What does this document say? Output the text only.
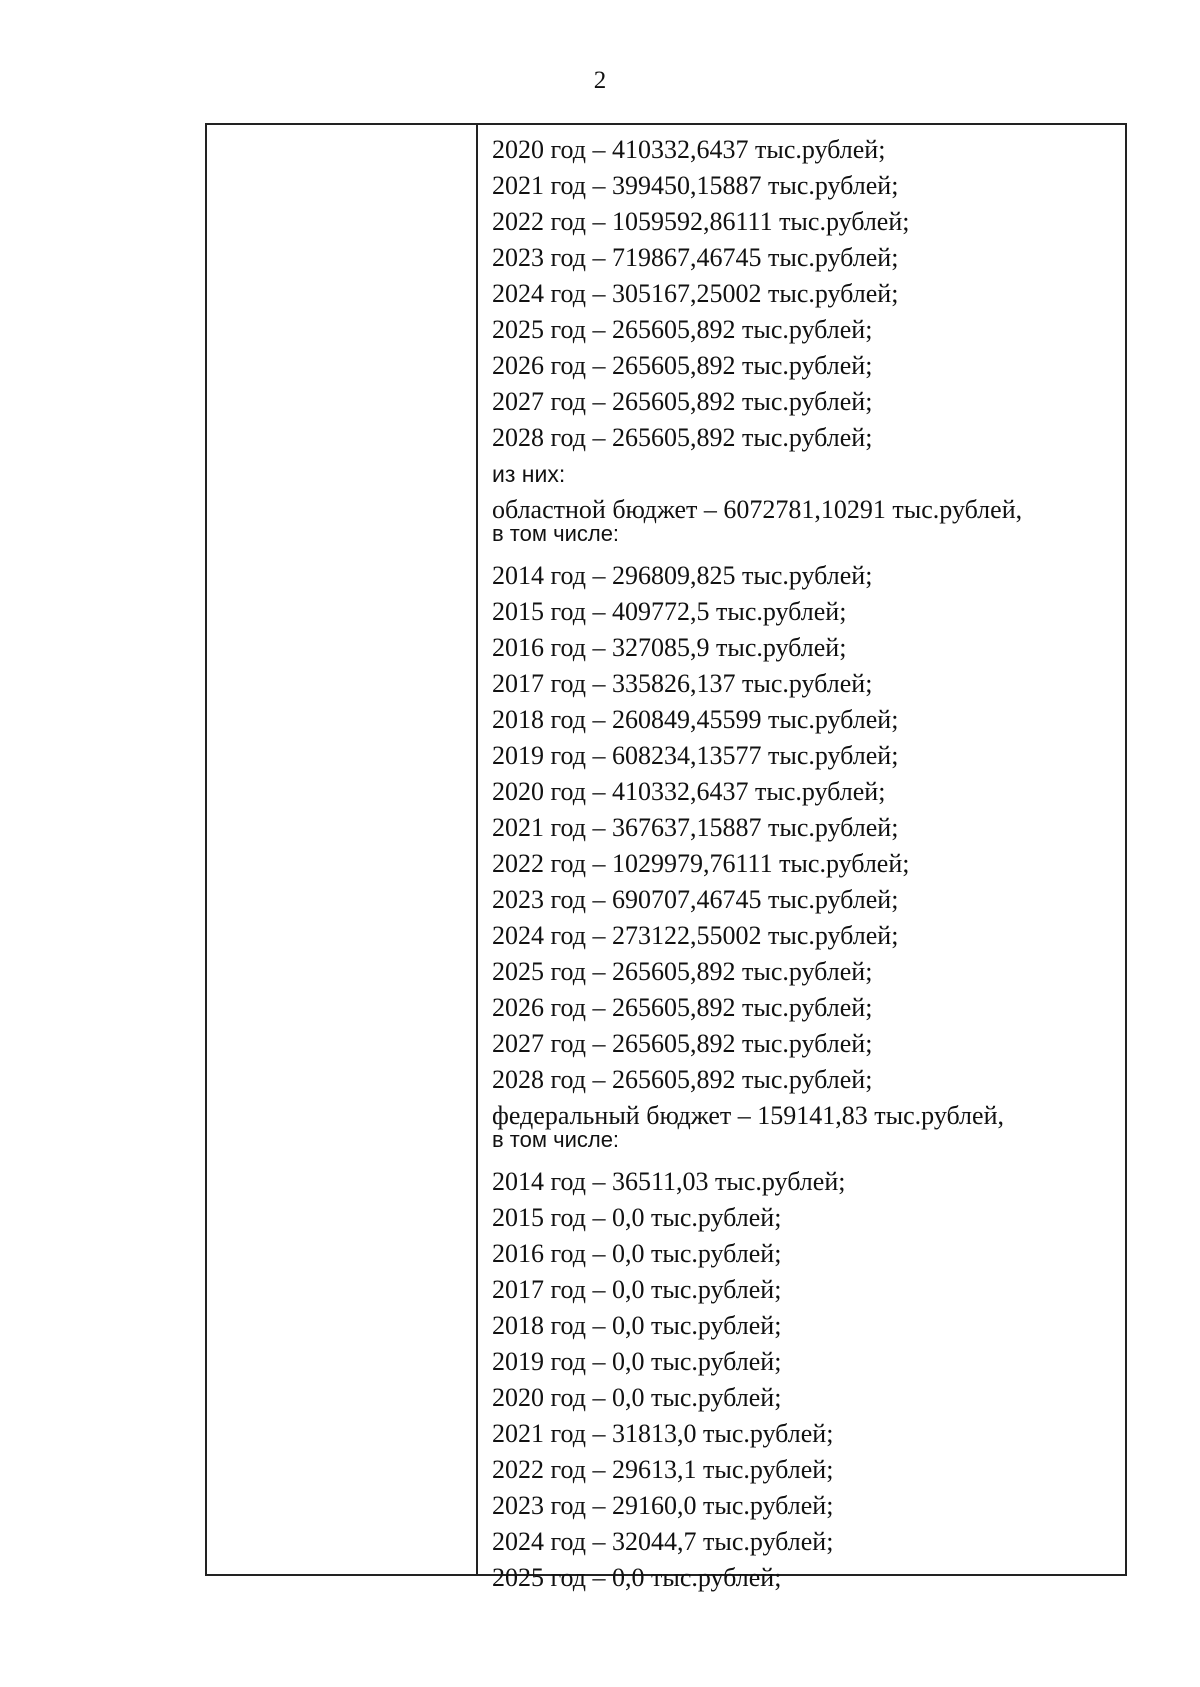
2
2020 год – 410332,6437 тыс.рублей;
2021 год – 399450,15887 тыс.рублей;
2022 год – 1059592,86111 тыс.рублей;
2023 год – 719867,46745 тыс.рублей;
2024 год – 305167,25002 тыс.рублей;
2025 год – 265605,892 тыс.рублей;
2026 год – 265605,892 тыс.рублей;
2027 год – 265605,892 тыс.рублей;
2028 год – 265605,892 тыс.рублей;
из них:
областной бюджет – 6072781,10291 тыс.рублей,
в том числе:
2014 год – 296809,825 тыс.рублей;
2015 год – 409772,5 тыс.рублей;
2016 год – 327085,9 тыс.рублей;
2017 год – 335826,137 тыс.рублей;
2018 год – 260849,45599 тыс.рублей;
2019 год – 608234,13577 тыс.рублей;
2020 год – 410332,6437 тыс.рублей;
2021 год – 367637,15887 тыс.рублей;
2022 год – 1029979,76111 тыс.рублей;
2023 год – 690707,46745 тыс.рублей;
2024 год – 273122,55002 тыс.рублей;
2025 год – 265605,892 тыс.рублей;
2026 год – 265605,892 тыс.рублей;
2027 год – 265605,892 тыс.рублей;
2028 год – 265605,892 тыс.рублей;
федеральный бюджет – 159141,83 тыс.рублей,
в том числе:
2014 год – 36511,03 тыс.рублей;
2015 год – 0,0 тыс.рублей;
2016 год – 0,0 тыс.рублей;
2017 год – 0,0 тыс.рублей;
2018 год – 0,0 тыс.рублей;
2019 год – 0,0 тыс.рублей;
2020 год – 0,0 тыс.рублей;
2021 год – 31813,0 тыс.рублей;
2022 год – 29613,1 тыс.рублей;
2023 год – 29160,0 тыс.рублей;
2024 год – 32044,7 тыс.рублей;
2025 год – 0,0 тыс.рублей;
